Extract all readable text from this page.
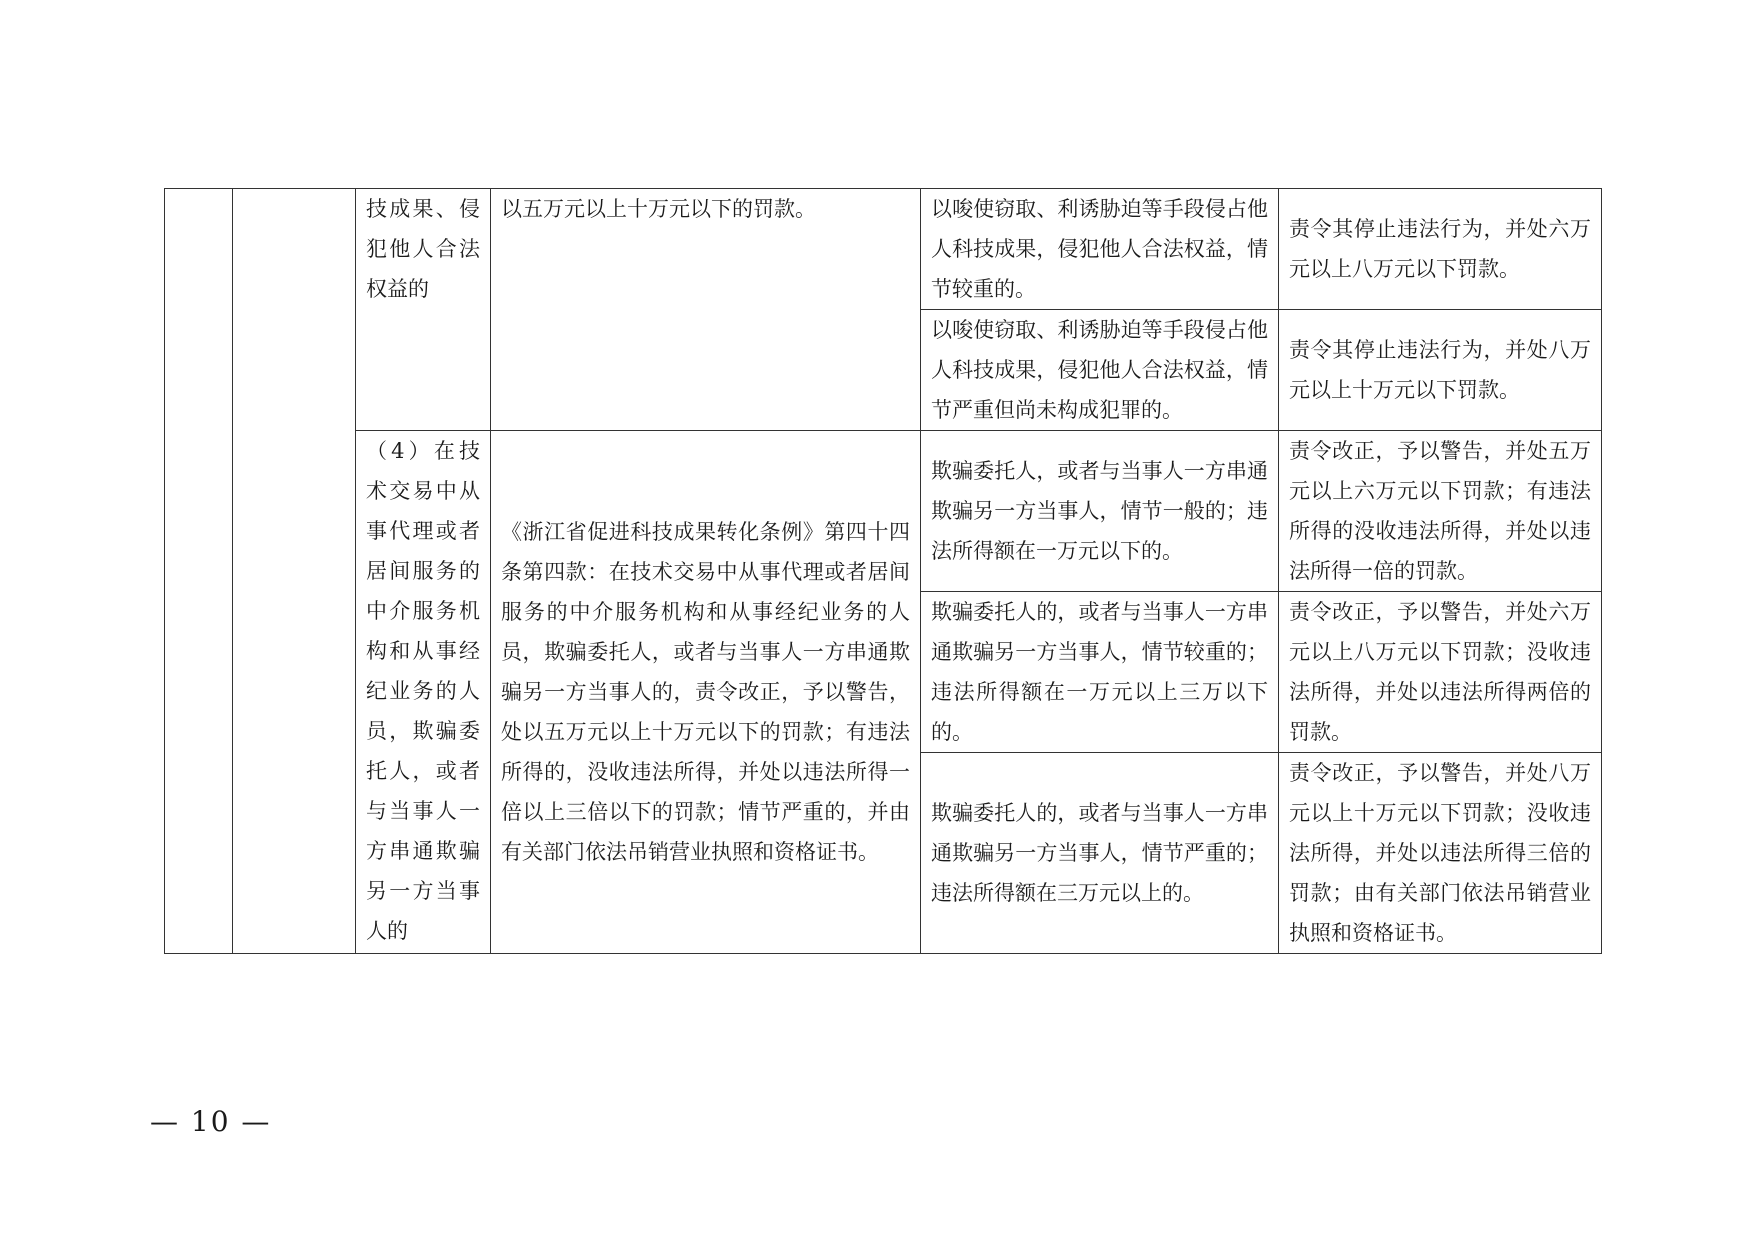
		技成果、侵犯他人合法权益的	以五万元以上十万元以下的罚款。	以唆使窃取、利诱胁迫等手段侵占他人科技成果，侵犯他人合法权益，情节较重的。	责令其停止违法行为，并处六万元以上八万元以下罚款。
				以唆使窃取、利诱胁迫等手段侵占他人科技成果，侵犯他人合法权益，情节严重但尚未构成犯罪的。	责令其停止违法行为，并处八万元以上十万元以下罚款。
		（4）在技术交易中从事代理或者居间服务的中介服务机构和从事经纪业务的人员，欺骗委托人，或者与当事人一方串通欺骗另一方当事人的	《浙江省促进科技成果转化条例》第四十四条第四款：在技术交易中从事代理或者居间服务的中介服务机构和从事经纪业务的人员，欺骗委托人，或者与当事人一方串通欺骗另一方当事人的，责令改正，予以警告，处以五万元以上十万元以下的罚款；有违法所得的，没收违法所得，并处以违法所得一倍以上三倍以下的罚款；情节严重的，并由有关部门依法吊销营业执照和资格证书。	欺骗委托人，或者与当事人一方串通欺骗另一方当事人，情节一般的；违法所得额在一万元以下的。	责令改正，予以警告，并处五万元以上六万元以下罚款；有违法所得的没收违法所得，并处以违法所得一倍的罚款。
				欺骗委托人的，或者与当事人一方串通欺骗另一方当事人，情节较重的；违法所得额在一万元以上三万以下的。	责令改正，予以警告，并处六万元以上八万元以下罚款；没收违法所得，并处以违法所得两倍的罚款。
				欺骗委托人的，或者与当事人一方串通欺骗另一方当事人，情节严重的；违法所得额在三万元以上的。	责令改正，予以警告，并处八万元以上十万元以下罚款；没收违法所得，并处以违法所得三倍的罚款；由有关部门依法吊销营业执照和资格证书。
— 10 —
